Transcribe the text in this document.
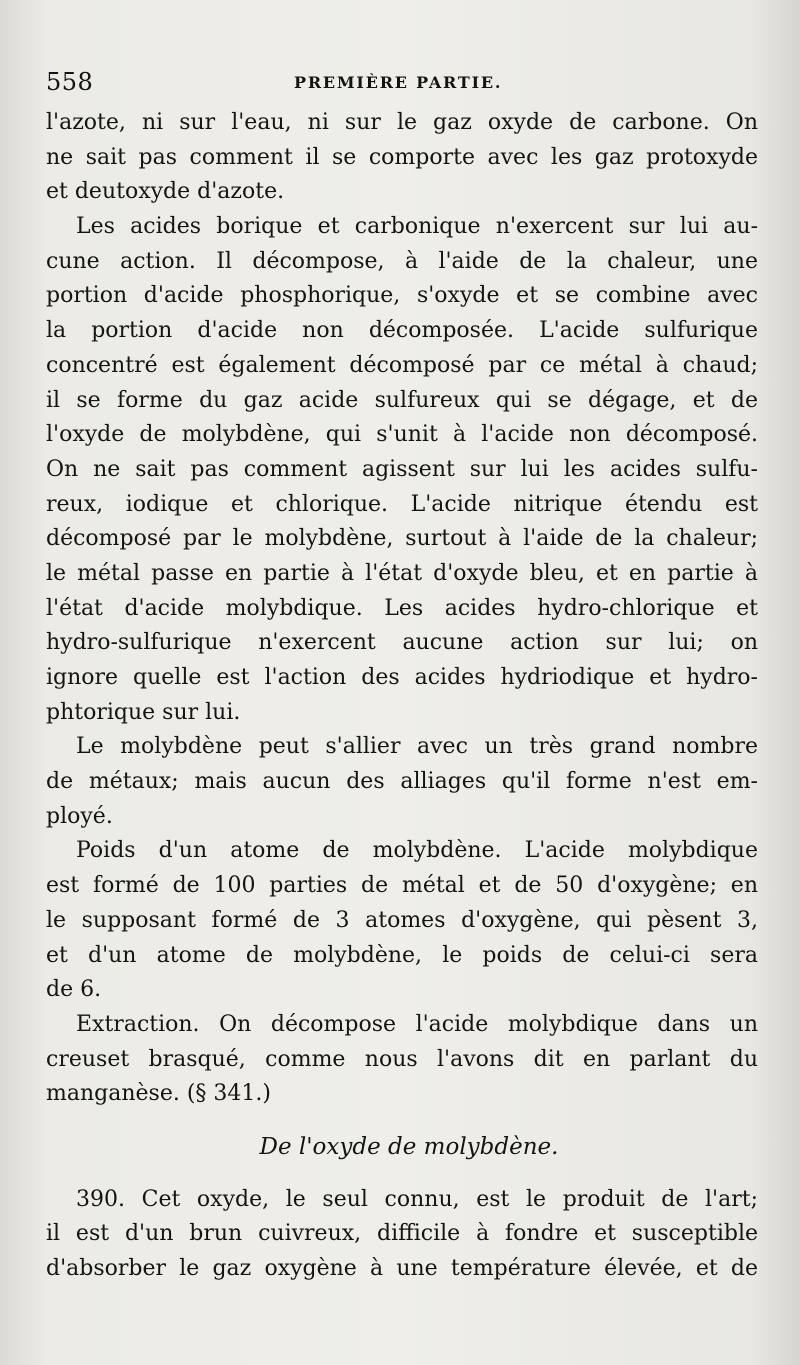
558	PREMIÈRE PARTIE.
l'azote, ni sur l'eau, ni sur le gaz oxyde de carbone. On
ne sait pas comment il se comporte avec les gaz protoxyde
et deutoxyde d'azote.
Les acides borique et carbonique n'exercent sur lui au-
cune action. Il décompose, à l'aide de la chaleur, une
portion d'acide phosphorique, s'oxyde et se combine avec
la portion d'acide non décomposée. L'acide sulfurique
concentré est également décomposé par ce métal à chaud;
il se forme du gaz acide sulfureux qui se dégage, et de
l'oxyde de molybdène, qui s'unit à l'acide non décomposé.
On ne sait pas comment agissent sur lui les acides sulfu-
reux, iodique et chlorique. L'acide nitrique étendu est
décomposé par le molybdène, surtout à l'aide de la chaleur;
le métal passe en partie à l'état d'oxyde bleu, et en partie à
l'état d'acide molybdique. Les acides hydro-chlorique et
hydro-sulfurique n'exercent aucune action sur lui; on
ignore quelle est l'action des acides hydriodique et hydro-
phtorique sur lui.
Le molybdène peut s'allier avec un très grand nombre
de métaux; mais aucun des alliages qu'il forme n'est em-
ployé.
Poids d'un atome de molybdène. L'acide molybdique
est formé de 100 parties de métal et de 50 d'oxygène; en
le supposant formé de 3 atomes d'oxygène, qui pèsent 3,
et d'un atome de molybdène, le poids de celui-ci sera
de 6.
Extraction. On décompose l'acide molybdique dans un
creuset brasqué, comme nous l'avons dit en parlant du
manganèse. (§ 341.)
De l'oxyde de molybdène.
390. Cet oxyde, le seul connu, est le produit de l'art;
il est d'un brun cuivreux, difficile à fondre et susceptible
d'absorber le gaz oxygène à une température élevée, et de
